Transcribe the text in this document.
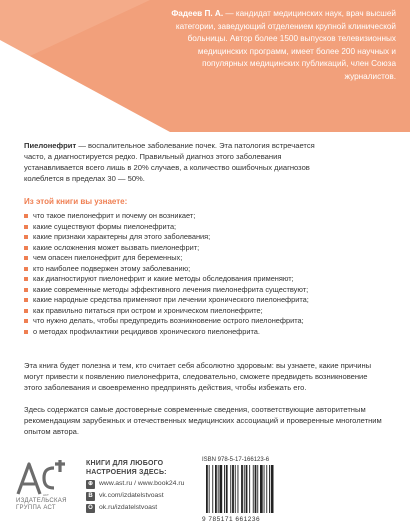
Фадеев П. А. — кандидат медицинских наук, врач высшей категории, заведующий отделением крупной клинической больницы. Автор более 1500 выпусков телевизионных медицинских программ, имеет более 200 научных и популярных медицинских публикаций, член Союза журналистов.
Пиелонефрит — воспалительное заболевание почек. Эта патология встречается часто, а диагностируется редко. Правильный диагноз этого заболевания устанавливается всего лишь в 20% случаев, а количество ошибочных диагнозов колеблется в пределах 30 — 50%.
Из этой книги вы узнаете:
что такое пиелонефрит и почему он возникает;
какие существуют формы пиелонефрита;
какие признаки характерны для этого заболевания;
какие осложнения может вызвать пиелонефрит;
чем опасен пиелонефрит для беременных;
кто наиболее подвержен этому заболеванию;
как диагностируют пиелонефрит и какие методы обследования применяют;
какие современные методы эффективного лечения пиелонефрита существуют;
какие народные средства применяют при лечении хронического пиелонефрита;
как правильно питаться при остром и хроническом пиелонефрите;
что нужно делать, чтобы предупредить возникновение острого пиелонефрита;
о методах профилактики рецидивов хронического пиелонефрита.
Эта книга будет полезна и тем, кто считает себя абсолютно здоровым: вы узнаете, какие причины могут привести к появлению пиелонефрита, следовательно, сможете предвидеть возникновение этого заболевания и своевременно предпринять действия, чтобы избежать его.
Здесь содержатся самые достоверные современные сведения, соответствующие авторитетным рекомендациям зарубежных и отечественных медицинских ассоциаций и проверенные многолетним опытом автора.
АСТ
ИЗДАТЕЛЬСКАЯ
ГРУППА АСТ
КНИГИ ДЛЯ ЛЮБОГО
НАСТРОЕНИЯ ЗДЕСЬ:
⊕ www.ast.ru / www.book24.ru
В vk.com/izdatelstvoast
О ok.ru/izdatelstvoast
ISBN 978-5-17-166123-6
9 785171 661236
